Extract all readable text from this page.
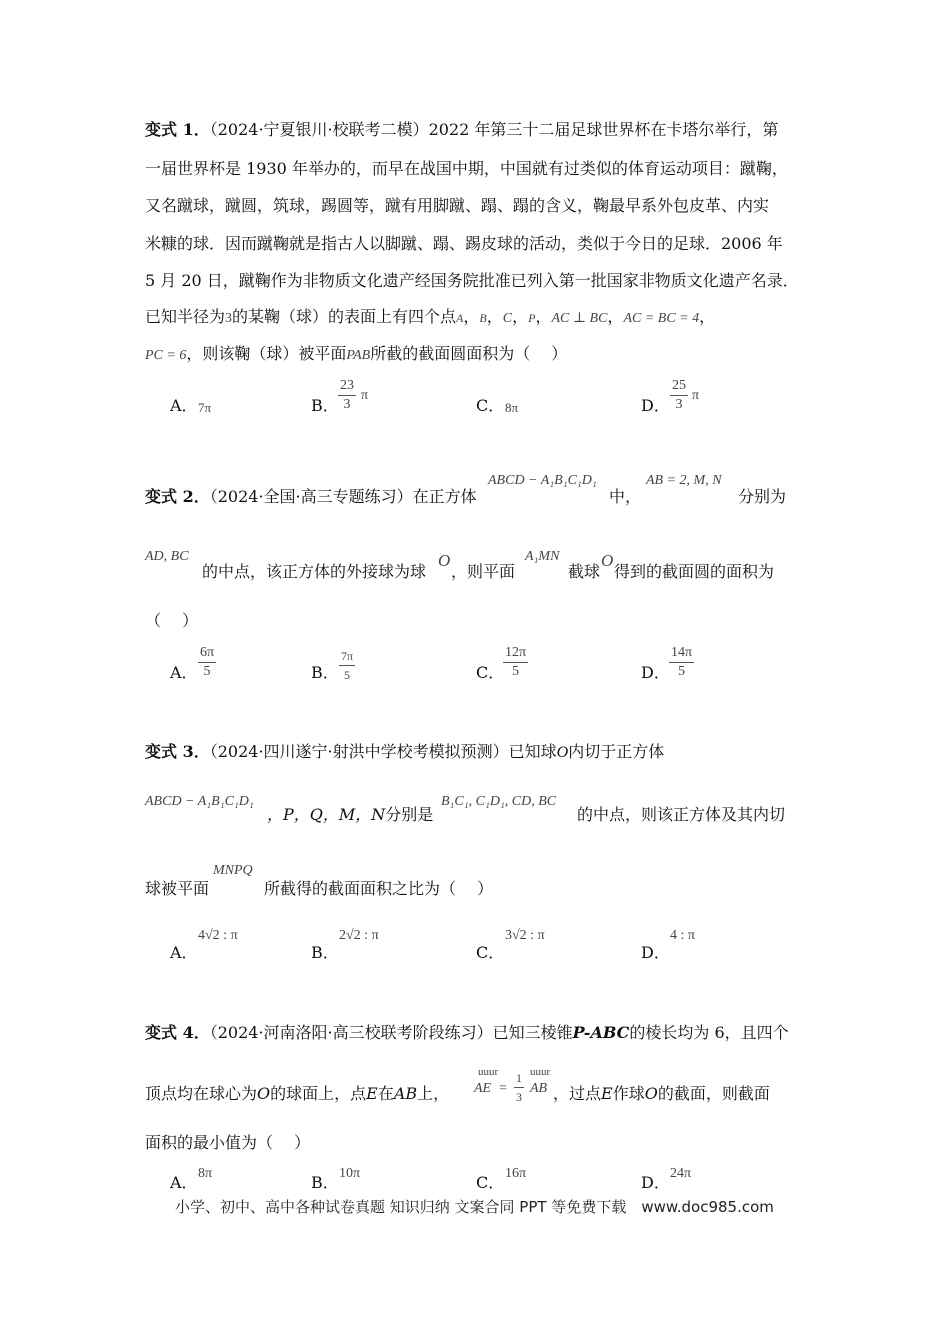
变式 1．（2024·宁夏银川·校联考二模）2022 年第三十二届足球世界杯在卡塔尔举行，第
一届世界杯是 1930 年举办的，而早在战国中期，中国就有过类似的体育运动项目：蹴鞠，
又名蹴球，蹴圆，筑球，踢圆等，蹴有用脚蹴、蹋、蹋的含义，鞠最早系外包皮革、内实
米糠的球．因而蹴鞠就是指古人以脚蹴、蹋、踢皮球的活动，类似于今日的足球．2006 年
5 月 20 日，蹴鞠作为非物质文化遗产经国务院批准已列入第一批国家非物质文化遗产名录．
已知半径为3的某鞠（球）的表面上有四个点A，B，C，P，AC ⊥ BC，AC = BC = 4，
PC = 6，则该鞠（球）被平面PAB所截的截面圆面积为（　 ）
A． 7π	B．
23
3
π
C． 8π	D．
25
3
π
变式 2．（2024·全国·高三专题练习）在正方体
ABCD − A₁B₁C₁D₁
中，
AB = 2, M, N
分别为
AD, BC
的中点，该正方体的外接球为球
O
，则平面
A₁MN
截球
O
得到的截面圆的面积为
（　 ）
A．
6π
5	B．
7π
5	C．
12π
5	D．
14π
5
变式 3．（2024·四川遂宁·射洪中学校考模拟预测）已知球O内切于正方体
ABCD − A₁B₁C₁D₁
，P，Q，M，N分别是
B₁C₁, C₁D₁, CD, BC
的中点，则该正方体及其内切
球被平面
MNPQ
所截得的截面面积之比为（　 ）
A．
4√2 : π
B．
2√2 : π
C．
3√2 : π
D．
4 : π
变式 4．（2024·河南洛阳·高三校联考阶段练习）已知三棱锥P-ABC的棱长均为 6，且四个
顶点均在球心为O的球面上，点E在AB上，
uuur
AE =
1
3
uuur
AB ，过点E作球O的截面，则截面
面积的最小值为（　 ）
A． 8π	B． 10π	C． 16π	D． 24π
小学、初中、高中各种试卷真题 知识归纳 文案合同 PPT 等免费下载　www.doc985.com
